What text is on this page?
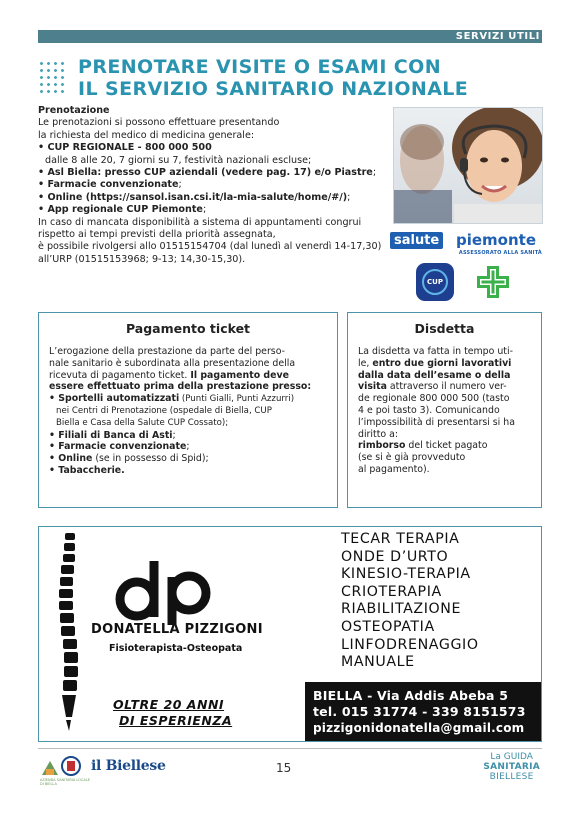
SERVIZI UTILI
PRENOTARE VISITE O ESAMI CON
IL SERVIZIO SANITARIO NAZIONALE
Prenotazione
Le prenotazioni si possono effettuare presentando
la richiesta del medico di medicina generale:
• CUP REGIONALE - 800 000 500
dalle 8 alle 20, 7 giorni su 7, festività nazionali escluse;
• Asl Biella: presso CUP aziendali (vedere pag. 17) e/o Piastre;
• Farmacie convenzionate;
• Online (https://sansol.isan.csi.it/la-mia-salute/home/#/);
• App regionale CUP Piemonte;
In caso di mancata disponibilità a sistema di appuntamenti congrui
rispetto ai tempi previsti della priorità assegnata,
è possibile rivolgersi allo 01515154704 (dal lunedì al venerdì 14-17,30)
all’URP (01515153968; 9-13; 14,30-15,30).
salute piemonte
ASSESSORATO ALLA SANITÀ
CUP
Pagamento ticket
L’erogazione della prestazione da parte del perso-
nale sanitario è subordinata alla presentazione della
ricevuta di pagamento ticket. Il pagamento deve
essere effettuato prima della prestazione presso:
• Sportelli automatizzati (Punti Gialli, Punti Azzurri)
nei Centri di Prenotazione (ospedale di Biella, CUP
Biella e Casa della Salute CUP Cossato);
• Filiali di Banca di Asti;
• Farmacie convenzionate;
• Online (se in possesso di Spid);
• Tabaccherie.
Disdetta
La disdetta va fatta in tempo uti-
le, entro due giorni lavorativi
dalla data dell’esame o della
visita attraverso il numero ver-
de regionale 800 000 500 (tasto
4 e poi tasto 3). Comunicando
l’impossibilità di presentarsi si ha
diritto a:
rimborso del ticket pagato
(se si è già provveduto
al pagamento).
DONATELLA PIZZIGONI
Fisioterapista-Osteopata
OLTRE 20 ANNI
DI ESPERIENZA
TECAR TERAPIA
ONDE D’URTO
KINESIO-TERAPIA
CRIOTERAPIA
RIABILITAZIONE
OSTEOPATIA
LINFODRENAGGIO
MANUALE
BIELLA - Via Addis Abeba 5
tel. 015 31774 - 339 8151573
pizzigonidonatella@gmail.com
AZIENDA SANITARIA LOCALE DI BIELLA
il Biellese	15
La GUIDA
SANITARIA
BIELLESE
